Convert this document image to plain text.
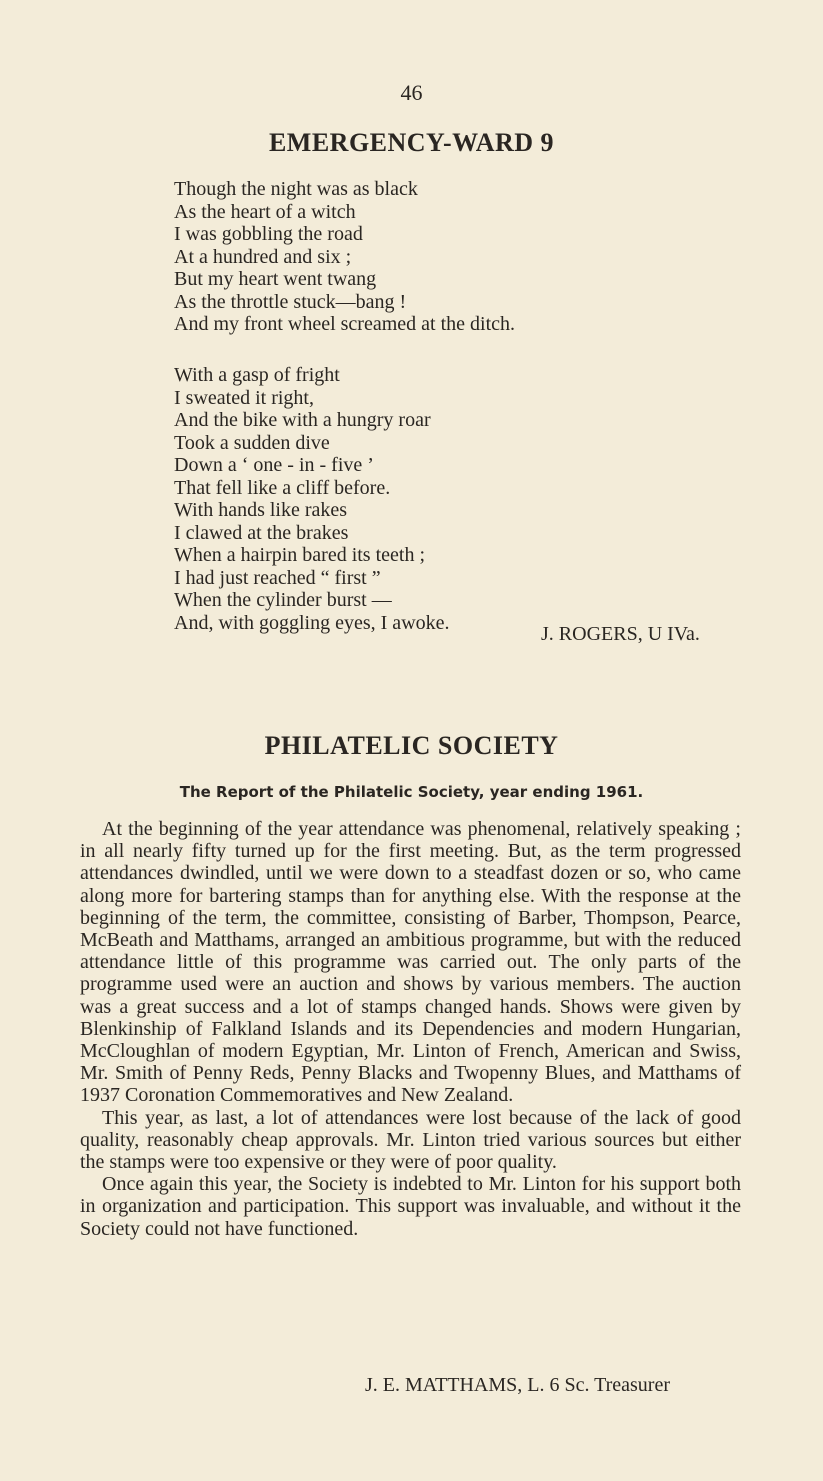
46
EMERGENCY-WARD 9
Though the night was as black
As the heart of a witch
I was gobbling the road
At a hundred and six ;
But my heart went twang
As the throttle stuck—bang !
And my front wheel screamed at the ditch.
With a gasp of fright
I sweated it right,
And the bike with a hungry roar
Took a sudden dive
Down a ‘ one - in - five ’
That fell like a cliff before.
With hands like rakes
I clawed at the brakes
When a hairpin bared its teeth ;
I had just reached “ first ”
When the cylinder burst —
And, with goggling eyes, I awoke.
J. ROGERS, U IVa.
PHILATELIC SOCIETY
The Report of the Philatelic Society, year ending 1961.

At the beginning of the year attendance was phenomenal, relatively speaking ; in all nearly fifty turned up for the first meeting. But, as the term progressed attendances dwindled, until we were down to a steadfast dozen or so, who came along more for bartering stamps than for anything else. With the response at the beginning of the term, the committee, consisting of Barber, Thompson, Pearce, McBeath and Matthams, arranged an ambitious programme, but with the reduced attendance little of this programme was carried out. The only parts of the programme used were an auction and shows by various members. The auction was a great success and a lot of stamps changed hands. Shows were given by Blenkinship of Falkland Islands and its Dependencies and modern Hungarian, McCloughlan of modern Egyptian, Mr. Linton of French, American and Swiss, Mr. Smith of Penny Reds, Penny Blacks and Twopenny Blues, and Matthams of 1937 Coronation Commemoratives and New Zealand.

This year, as last, a lot of attendances were lost because of the lack of good quality, reasonably cheap approvals. Mr. Linton tried various sources but either the stamps were too expensive or they were of poor quality.

Once again this year, the Society is indebted to Mr. Linton for his support both in organization and participation. This support was invaluable, and without it the Society could not have functioned.

J. E. MATTHAMS, L. 6 Sc. Treasurer
